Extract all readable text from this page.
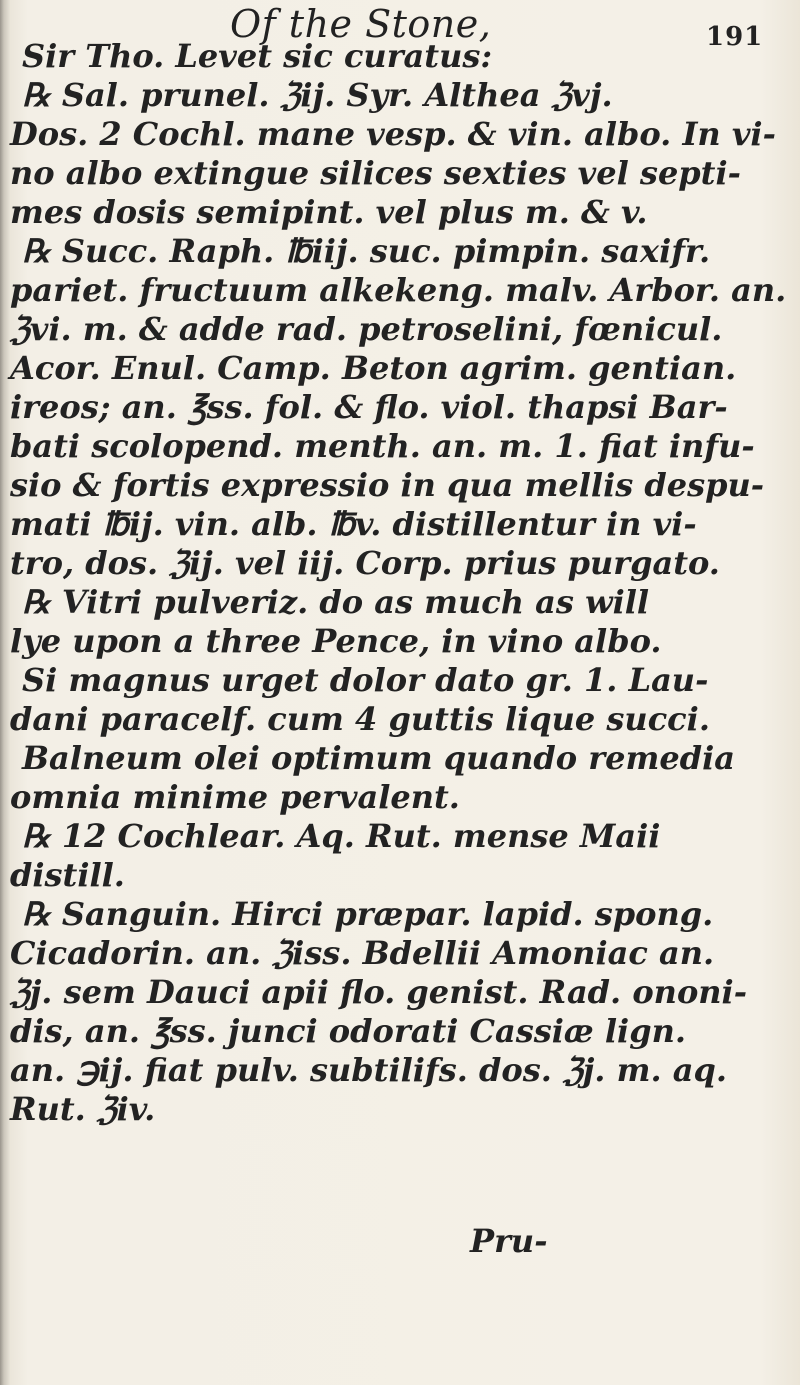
Of the Stone,	191
Sir Tho. Levet sic curatus:
℞ Sal. prunel. ℨij. Syr. Althea ℨvj.
Dos. 2 Cochl. mane vesp. & vin. albo. In vi-
no albo extingue silices sexties vel septi-
mes dosis semipint. vel plus m. & v.
℞ Succ. Raph. ℔iij. suc. pimpin. saxifr.
pariet. fructuum alkekeng. malv. Arbor. an.
ℨvi. m. & adde rad. petroselini, fœnicul.
Acor. Enul. Camp. Beton agrim. gentian.
ireos; an. ℥ss. fol. & flo. viol. thapsi Bar-
bati scolopend. menth. an. m. 1. fiat infu-
sio & fortis expressio in qua mellis despu-
mati ℔ij. vin. alb. ℔v. distillentur in vi-
tro, dos. ℨij. vel iij. Corp. prius purgato.
℞ Vitri pulveriz. do as much as will
lye upon a three Pence, in vino albo.
Si magnus urget dolor dato gr. 1. Lau-
dani paracelf. cum 4 guttis lique succi.
Balneum olei optimum quando remedia
omnia minime pervalent.
℞ 12 Cochlear. Aq. Rut. mense Maii
distill.
℞ Sanguin. Hirci præpar. lapid. spong.
Cicadorin. an. ℨiss. Bdellii Amoniac an.
ℨj. sem Dauci apii flo. genist. Rad. ononi-
dis, an. ℥ss. junci odorati Cassiæ lign.
an. ℈ij. fiat pulv. subtilifs. dos. ℨj. m. aq.
Rut. ℨiv.
Pru-
